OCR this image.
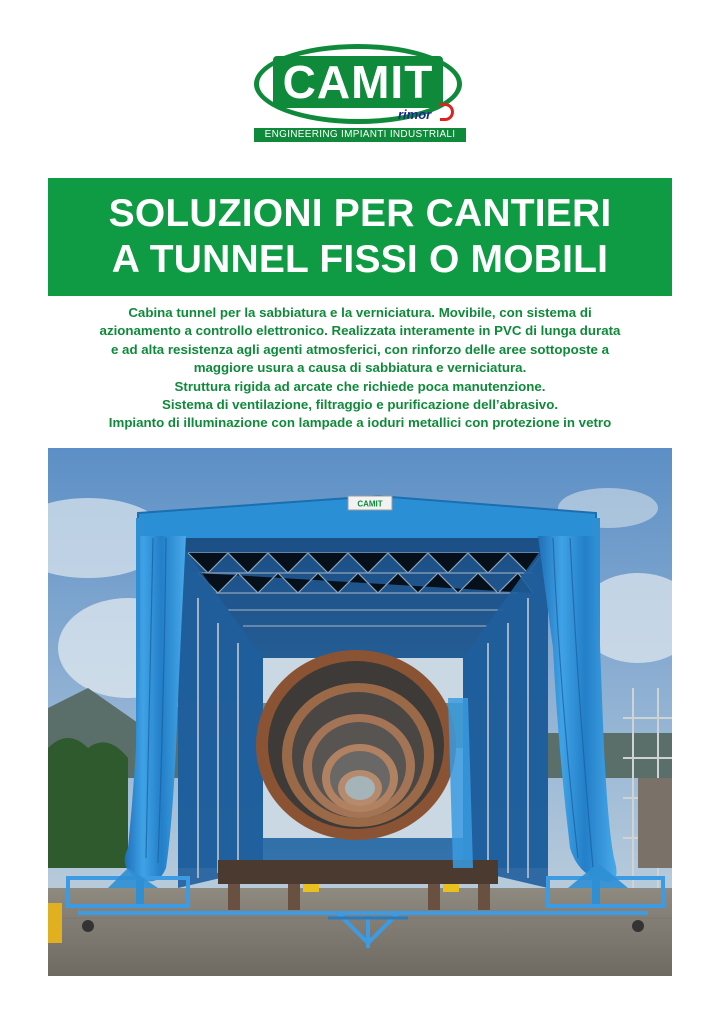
CAMIT
rimor
ENGINEERING IMPIANTI INDUSTRIALI
SOLUZIONI PER CANTIERI
A TUNNEL FISSI O MOBILI
Cabina tunnel per la sabbiatura e la verniciatura. Movibile, con sistema di
azionamento a controllo elettronico. Realizzata interamente in PVC di lunga durata
e ad alta resistenza agli agenti atmosferici, con rinforzo delle aree sottoposte a
maggiore usura a causa di sabbiatura e verniciatura.
Struttura rigida ad arcate che richiede poca manutenzione.
Sistema di ventilazione, filtraggio e purificazione dell’abrasivo.
Impianto di illuminazione con lampade a ioduri metallici con protezione in vetro
CAMIT
